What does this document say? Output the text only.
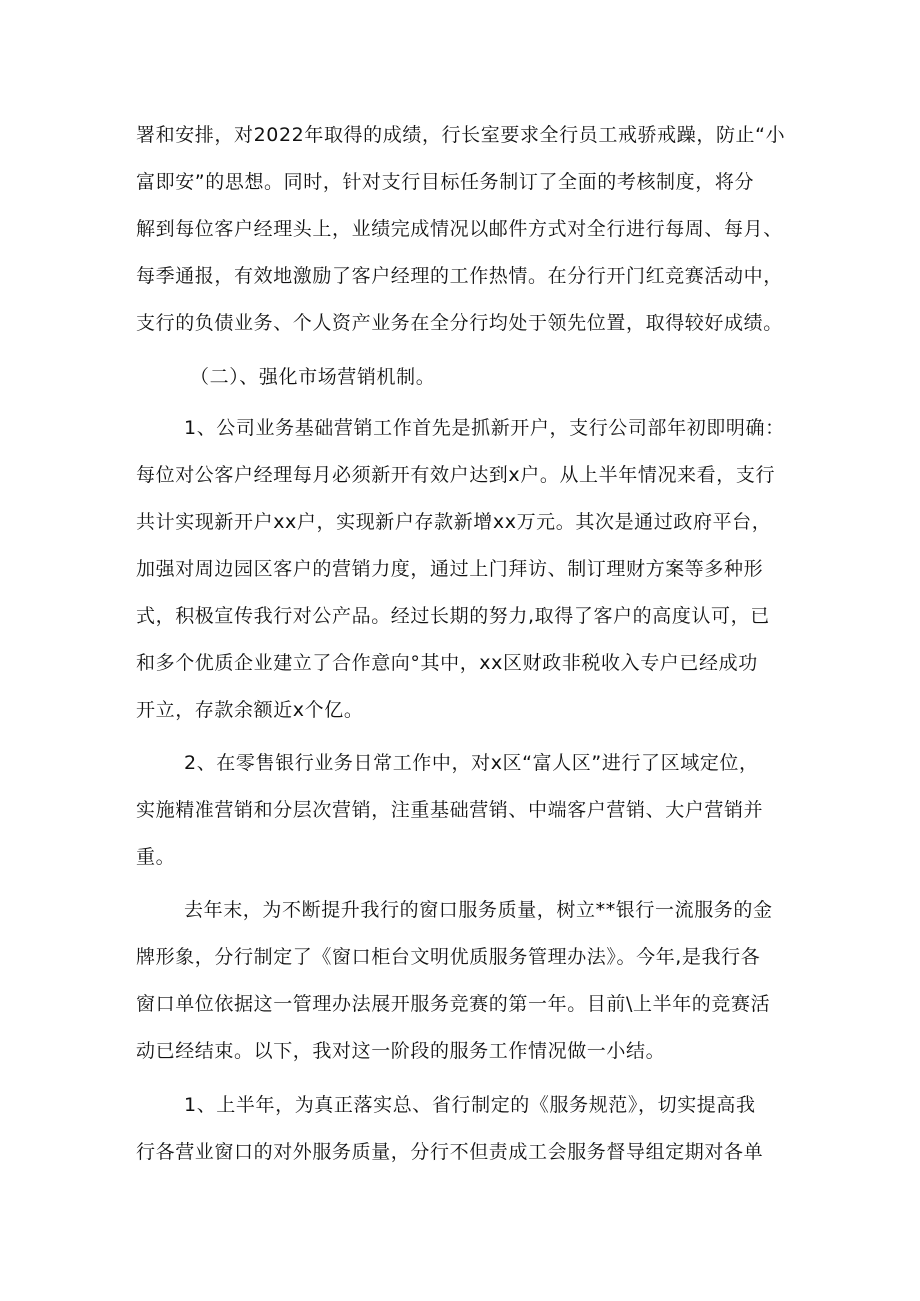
署和安排，对2022年取得的成绩，行长室要求全行员工戒骄戒躁，防止“小
富即安”的思想。同时，针对支行目标任务制订了全面的考核制度，将分
解到每位客户经理头上，业绩完成情况以邮件方式对全行进行每周、每月、
每季通报，有效地激励了客户经理的工作热情。在分行开门红竞赛活动中，
支行的负债业务、个人资产业务在全分行均处于领先位置，取得较好成绩。
（二）、强化市场营销机制。
1、公司业务基础营销工作首先是抓新开户，支行公司部年初即明确：
每位对公客户经理每月必须新开有效户达到x户。从上半年情况来看，支行
共计实现新开户xx户，实现新户存款新增xx万元。其次是通过政府平台，
加强对周边园区客户的营销力度，通过上门拜访、制订理财方案等多种形
式，积极宣传我行对公产品。经过长期的努力,取得了客户的高度认可，已
和多个优质企业建立了合作意向°其中，xx区财政非税收入专户已经成功
开立，存款余额近x个亿。
2、在零售银行业务日常工作中，对x区“富人区”进行了区域定位，
实施精准营销和分层次营销，注重基础营销、中端客户营销、大户营销并
重。
去年末，为不断提升我行的窗口服务质量，树立**银行一流服务的金
牌形象，分行制定了《窗口柜台文明优质服务管理办法》。今年,是我行各
窗口单位依据这一管理办法展开服务竞赛的第一年。目前\上半年的竞赛活
动已经结束。以下，我对这一阶段的服务工作情况做一小结。
1、上半年，为真正落实总、省行制定的《服务规范》，切实提高我
行各营业窗口的对外服务质量，分行不但责成工会服务督导组定期对各单
